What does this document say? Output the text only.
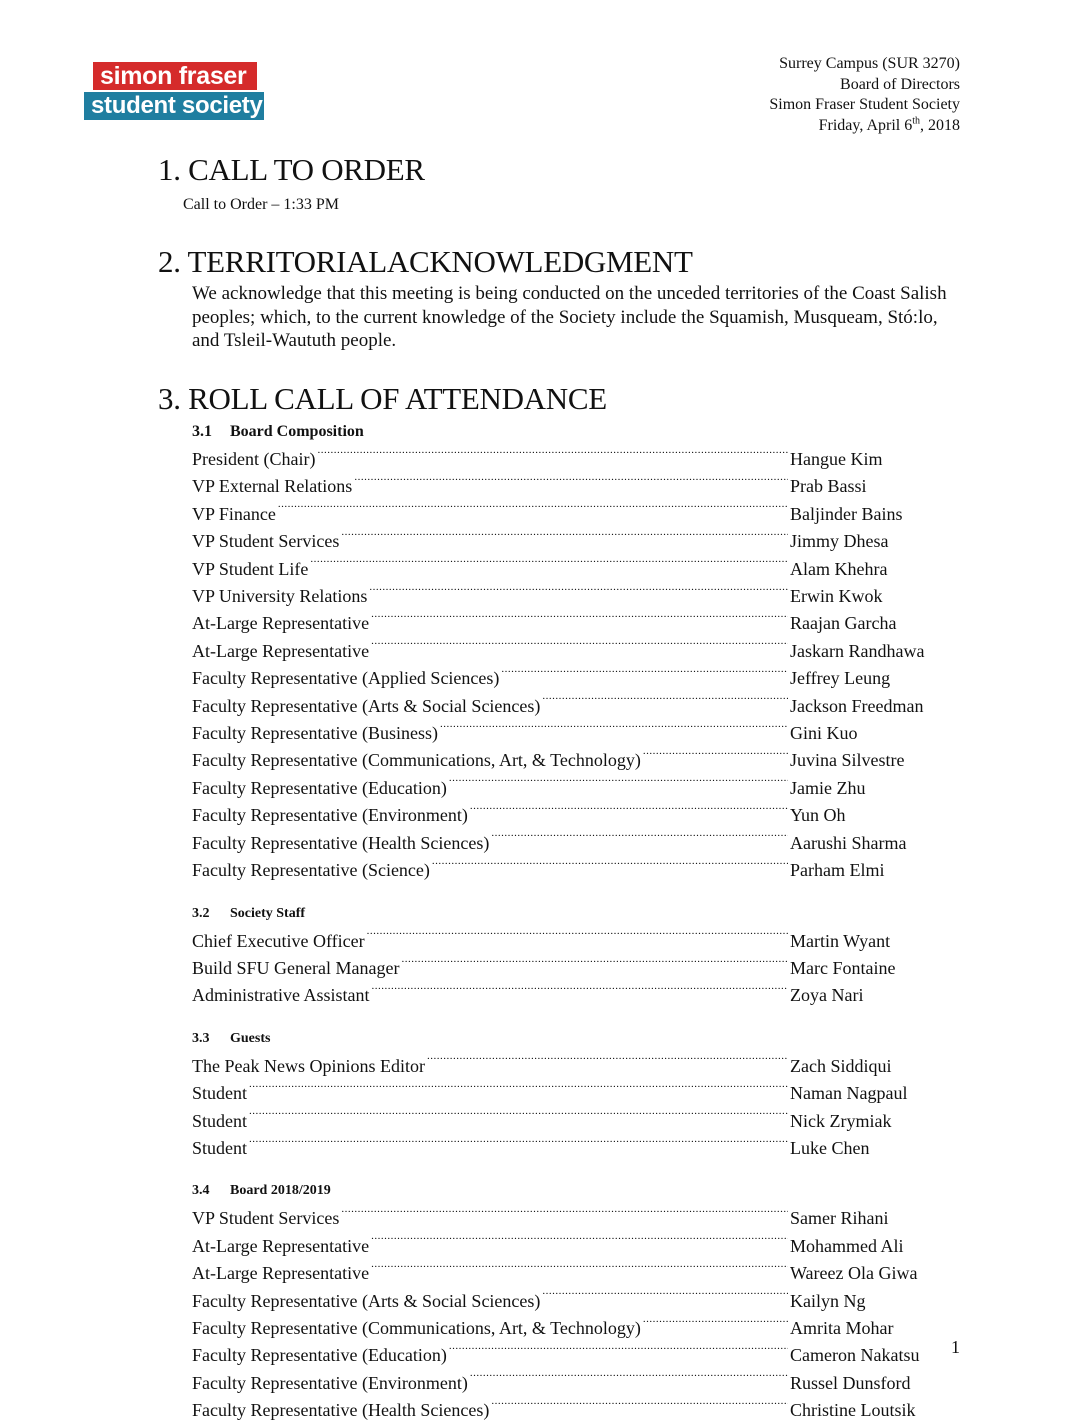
simon fraser
student society
Surrey Campus (SUR 3270)
Board of Directors
Simon Fraser Student Society
Friday, April 6th, 2018
1. CALL TO ORDER
Call to Order – 1:33 PM
2. TERRITORIALACKNOWLEDGMENT
We acknowledge that this meeting is being conducted on the unceded territories of the Coast Salish peoples; which, to the current knowledge of the Society include the Squamish, Musqueam, Stó:lo, and Tsleil-Waututh people.
3. ROLL CALL OF ATTENDANCE
3.1 Board Composition
President (Chair) .....	Hangue Kim
VP External Relations .....	Prab Bassi
VP Finance .....	Baljinder Bains
VP Student Services .....	Jimmy Dhesa
VP Student Life .....	Alam Khehra
VP University Relations .....	Erwin Kwok
At-Large Representative .....	Raajan Garcha
At-Large Representative .....	Jaskarn Randhawa
Faculty Representative (Applied Sciences) .....	Jeffrey Leung
Faculty Representative (Arts & Social Sciences) .....	Jackson Freedman
Faculty Representative (Business) .....	Gini Kuo
Faculty Representative (Communications, Art, & Technology) .....	Juvina Silvestre
Faculty Representative (Education) .....	Jamie Zhu
Faculty Representative (Environment) .....	Yun Oh
Faculty Representative (Health Sciences) .....	Aarushi Sharma
Faculty Representative (Science) .....	Parham Elmi
3.2 Society Staff
Chief Executive Officer .....	Martin Wyant
Build SFU General Manager .....	Marc Fontaine
Administrative Assistant .....	Zoya Nari
3.3 Guests
The Peak News Opinions Editor .....	Zach Siddiqui
Student .....	Naman Nagpaul
Student .....	Nick Zrymiak
Student .....	Luke Chen
3.4 Board 2018/2019
VP Student Services .....	Samer Rihani
At-Large Representative .....	Mohammed Ali
At-Large Representative .....	Wareez Ola Giwa
Faculty Representative (Arts & Social Sciences) .....	Kailyn Ng
Faculty Representative (Communications, Art, & Technology) .....	Amrita Mohar
Faculty Representative (Education) .....	Cameron Nakatsu
Faculty Representative (Environment) .....	Russel Dunsford
Faculty Representative (Health Sciences) .....	Christine Loutsik
1
